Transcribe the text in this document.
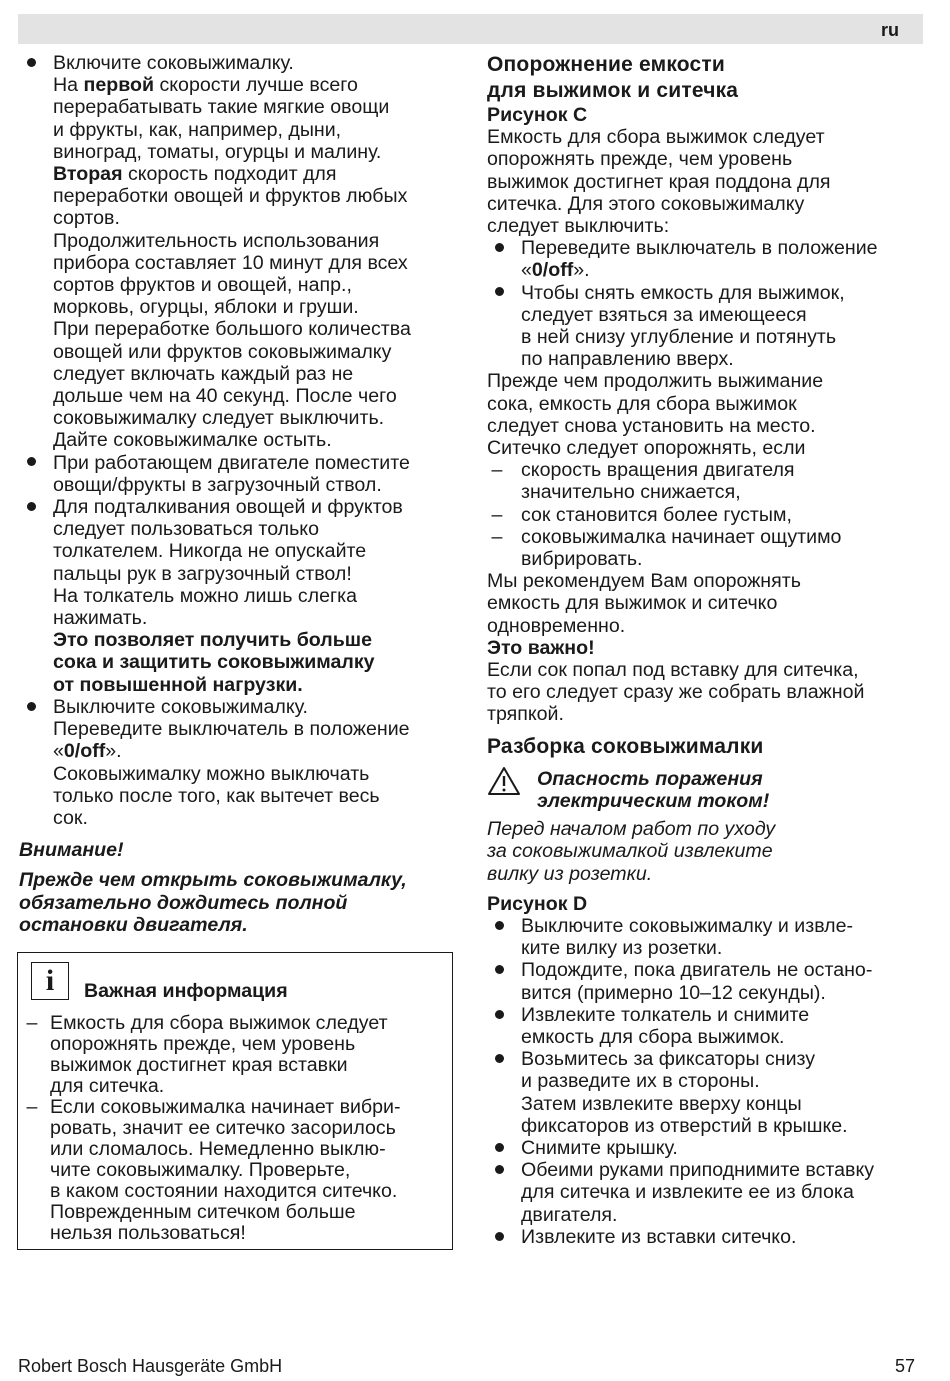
ru
Включите соковыжималку.
На первой скорости лучше всего
перерабатывать такие мягкие овощи
и фрукты, как, например, дыни,
виноград, томаты, огурцы и малину.
Вторая скорость подходит для
переработки овощей и фруктов любых
сортов.
Продолжительность использования
прибора составляет 10 минут для всех
сортов фруктов и овощей, напр.,
морковь, огурцы, яблоки и груши.
При переработке большого количества
овощей или фруктов соковыжималку
следует включать каждый раз не
дольше чем на 40 секунд. После чего
соковыжималку следует выключить.
Дайте соковыжималке остыть.
При работающем двигателе поместите
овощи/фрукты в загрузочный ствол.
Для подталкивания овощей и фруктов
следует пользоваться только
толкателем. Никогда не опускайте
пальцы рук в загрузочный ствол!
На толкатель можно лишь слегка
нажимать.
Это позволяет получить больше
сока и защитить соковыжималку
от повышенной нагрузки.
Выключите соковыжималку.
Переведите выключатель в положение
«0/off».
Соковыжималку можно выключать
только после того, как вытечет весь
сок.
Внимание!
Прежде чем открыть соковыжималку,
обязательно дождитесь полной
остановки двигателя.
i	Важная информация
– Емкость для сбора выжимок следует
опорожнять прежде, чем уровень
выжимок достигнет края вставки
для ситечка.
– Если соковыжималка начинает вибри-
ровать, значит ее ситечко засорилось
или сломалось. Немедленно выклю-
чите соковыжималку. Проверьте,
в каком состоянии находится ситечко.
Поврежденным ситечком больше
нельзя пользоваться!
Опорожнение емкости
для выжимок и ситечка
Рисунок C
Емкость для сбора выжимок следует
опорожнять прежде, чем уровень
выжимок достигнет края поддона для
ситечка. Для этого соковыжималку
следует выключить:
Переведите выключатель в положение
«0/off».
Чтобы снять емкость для выжимок,
следует взяться за имеющееся
в ней снизу углубление и потянуть
по направлению вверх.
Прежде чем продолжить выжимание
сока, емкость для сбора выжимок
следует снова установить на место.
Ситечко следует опорожнять, если
– скорость вращения двигателя
значительно снижается,
– сок становится более густым,
– соковыжималка начинает ощутимо
вибрировать.
Мы рекомендуем Вам опорожнять
емкость для выжимок и ситечко
одновременно.
Это важно!
Если сок попал под вставку для ситечка,
то его следует сразу же собрать влажной
тряпкой.
Разборка соковыжималки
Опасность поражения
электрическим током!
Перед началом работ по уходу
за соковыжималкой извлеките
вилку из розетки.
Рисунок D
Выключите соковыжималку и извле-
ките вилку из розетки.
Подождите, пока двигатель не остано-
вится (примерно 10–12 секунды).
Извлеките толкатель и снимите
емкость для сбора выжимок.
Возьмитесь за фиксаторы снизу
и разведите их в стороны.
Затем извлеките вверху концы
фиксаторов из отверстий в крышке.
Снимите крышку.
Обеими руками приподнимите вставку
для ситечка и извлеките ее из блока
двигателя.
Извлеките из вставки ситечко.
Robert Bosch Hausgeräte GmbH	57
